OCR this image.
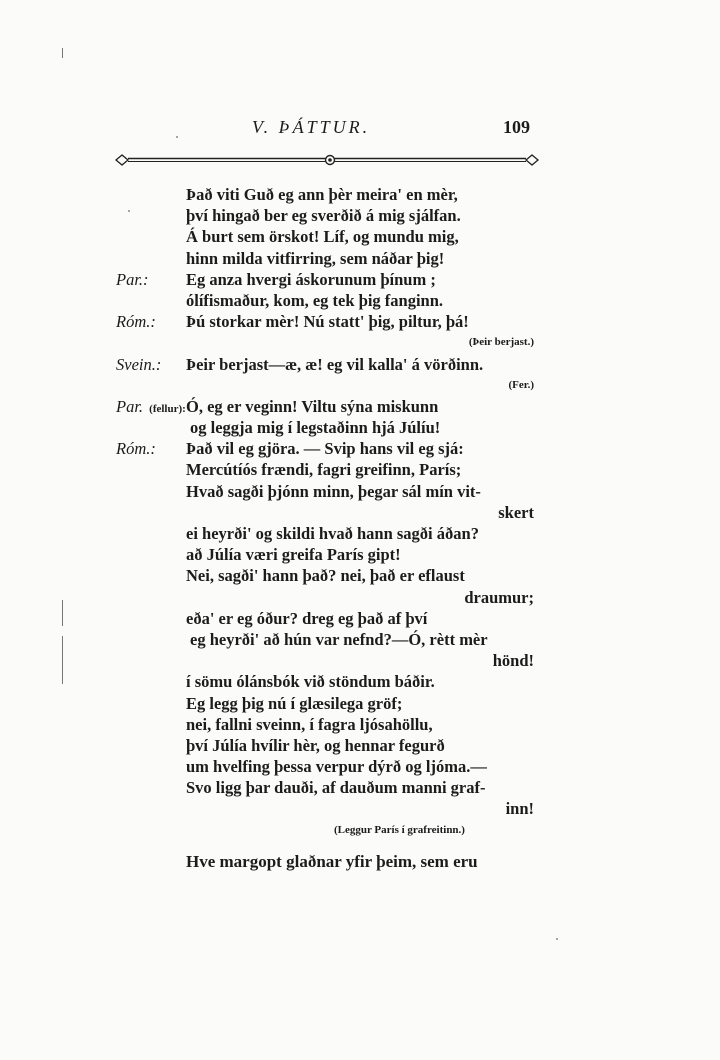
V. ÞÁTTUR.	109
Það viti Guð eg ann þèr meira' en mèr,
því hingað ber eg sverðið á mig sjálfan.
Á burt sem örskot! Líf, og mundu mig,
hinn milda vitfirring, sem náðar þig!
Par.: Eg anza hvergi áskorunum þínum ;
ólífismaður, kom, eg tek þig fanginn.
Róm.: Þú storkar mèr! Nú statt' þig, piltur, þá!
(Þeir berjast.)
Svein.: Þeir berjast—æ, æ! eg vil kalla' á vörðinn.
(Fer.)
Par. (fellur): Ó, eg er veginn! Viltu sýna miskunn
og leggja mig í legstaðinn hjá Júlíu!
Róm.: Það vil eg gjöra. — Svip hans vil eg sjá:
Mercútíós frændi, fagri greifinn, París;
Hvað sagði þjónn minn, þegar sál mín vit-
skert
ei heyrði' og skildi hvað hann sagði áðan?
að Júlía væri greifa París gipt!
Nei, sagði' hann það? nei, það er eflaust
draumur;
eða' er eg óður? dreg eg það af því
eg heyrði' að hún var nefnd?—Ó, rètt mèr
hönd!
í sömu ólánsbók við stöndum báðir.
Eg legg þig nú í glæsilega gröf;
nei, fallni sveinn, í fagra ljósahöllu,
því Júlía hvílir hèr, og hennar fegurð
um hvelfing þessa verpur dýrð og ljóma.—
Svo ligg þar dauði, af dauðum manni graf-
inn!
(Leggur París í grafreitinn.)
Hve margopt glaðnar yfir þeim, sem eru
